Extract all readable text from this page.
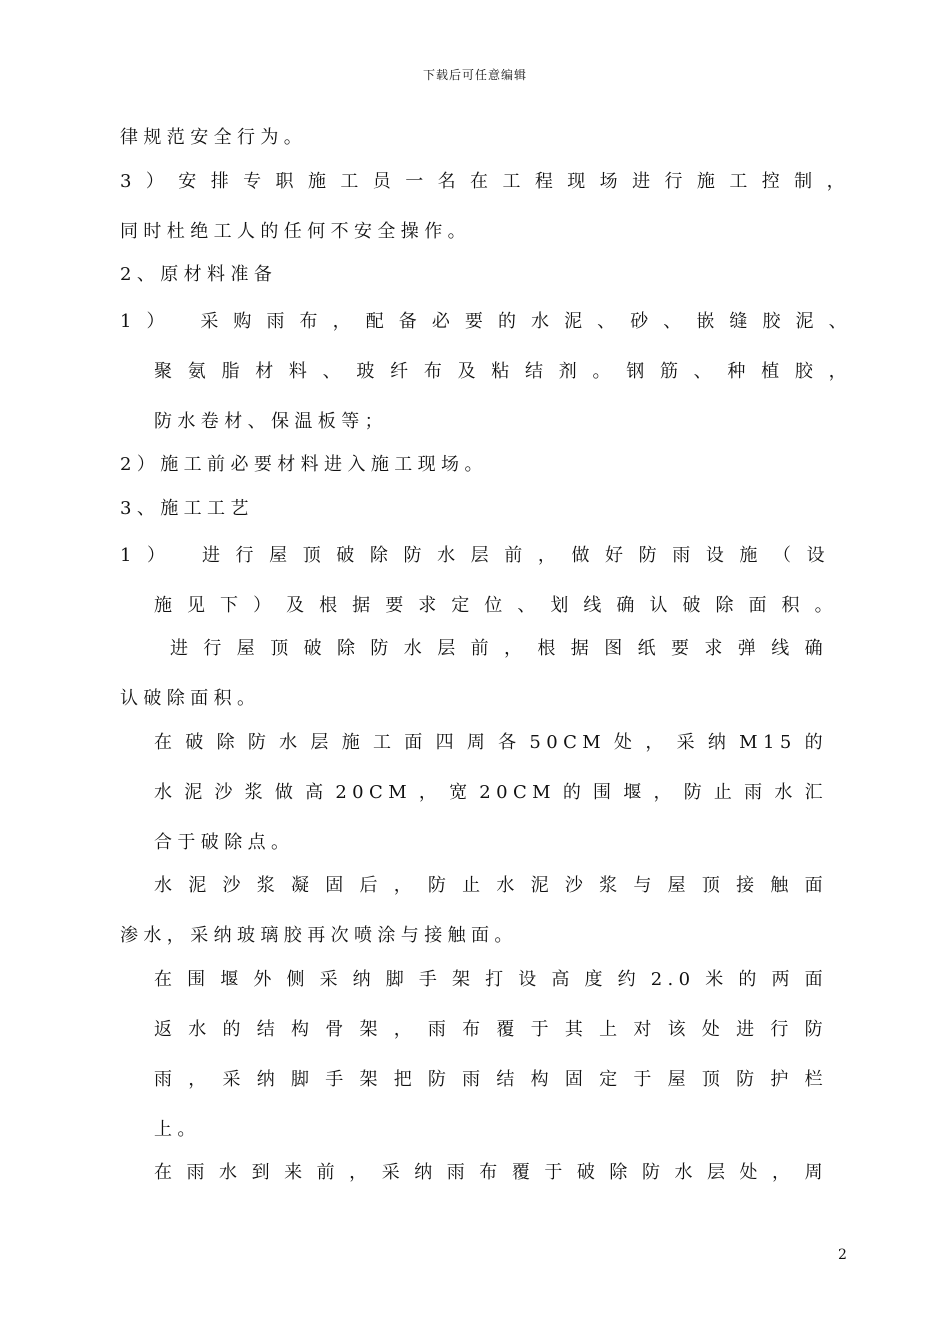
下载后可任意编辑
律规范安全行为。
3）安排专职施工员一名在工程现场进行施工控制，
同时杜绝工人的任何不安全操作。
2、原材料准备
1） 采购雨布，配备必要的水泥、砂、嵌缝胶泥、
聚氨脂材料、玻纤布及粘结剂。钢筋、种植胶，
防水卷材、保温板等；
2）施工前必要材料进入施工现场。
3、施工工艺
1） 进行屋顶破除防水层前，做好防雨设施（设
施见下）及根据要求定位、划线确认破除面积。
进行屋顶破除防水层前，根据图纸要求弹线确
认破除面积。
在破除防水层施工面四周各50CM处，采纳M15的
水泥沙浆做高20CM，宽20CM的围堰，防止雨水汇
合于破除点。
水泥沙浆凝固后，防止水泥沙浆与屋顶接触面
渗水，采纳玻璃胶再次喷涂与接触面。
在围堰外侧采纳脚手架打设高度约2.0米的两面
返水的结构骨架，雨布覆于其上对该处进行防
雨，采纳脚手架把防雨结构固定于屋顶防护栏
上。
在雨水到来前，采纳雨布覆于破除防水层处，周
2
